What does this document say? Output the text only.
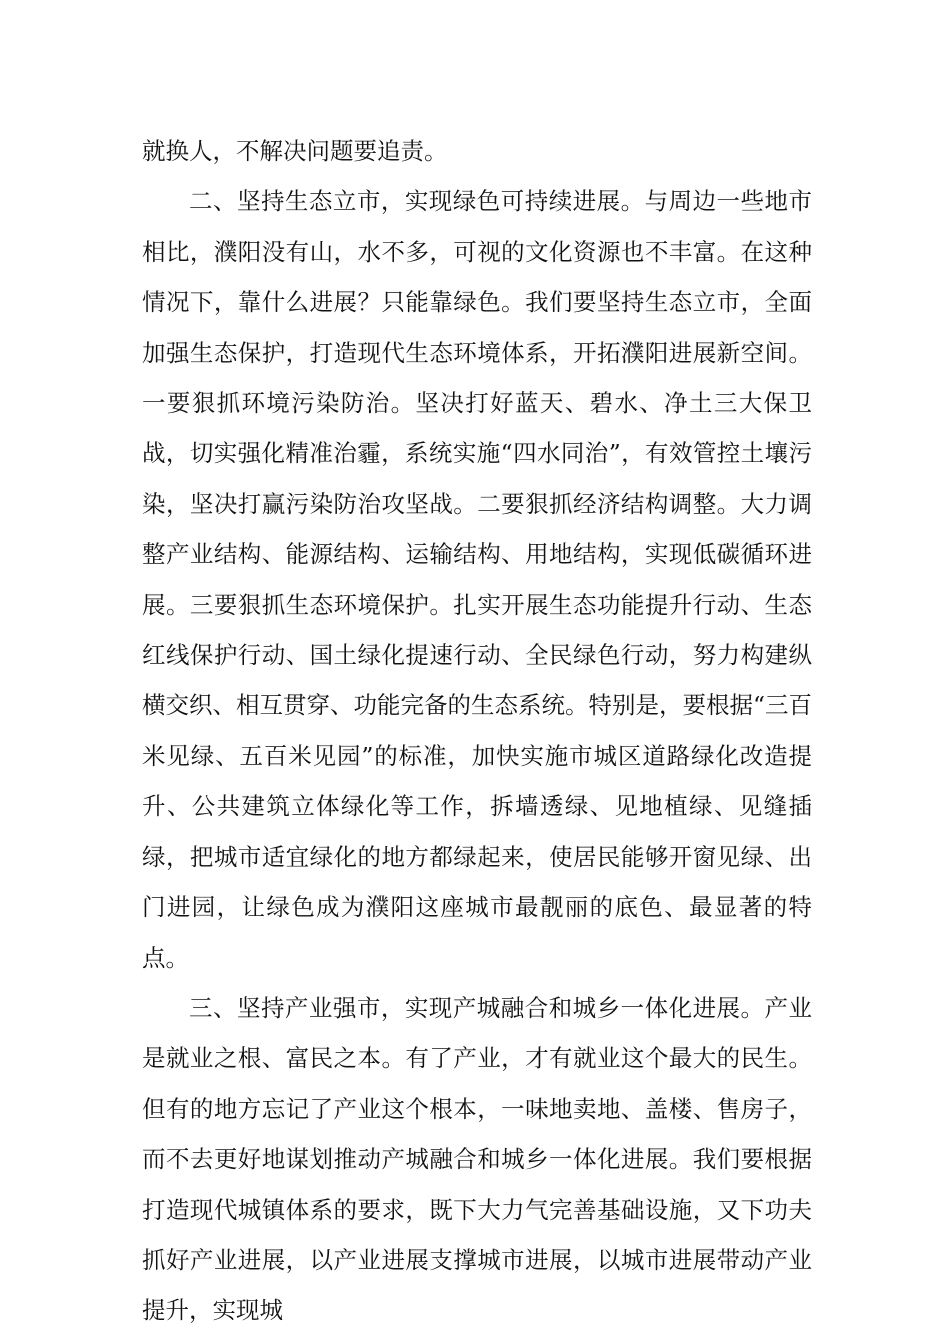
就换人，不解决问题要追责。

二、坚持生态立市，实现绿色可持续进展。与周边一些地市相比，濮阳没有山，水不多，可视的文化资源也不丰富。在这种情况下，靠什么进展？只能靠绿色。我们要坚持生态立市，全面加强生态保护，打造现代生态环境体系，开拓濮阳进展新空间。一要狠抓环境污染防治。坚决打好蓝天、碧水、净土三大保卫战，切实强化精准治霾，系统实施“四水同治”，有效管控土壤污染，坚决打赢污染防治攻坚战。二要狠抓经济结构调整。大力调整产业结构、能源结构、运输结构、用地结构，实现低碳循环进展。三要狠抓生态环境保护。扎实开展生态功能提升行动、生态红线保护行动、国土绿化提速行动、全民绿色行动，努力构建纵横交织、相互贯穿、功能完备的生态系统。特别是，要根据“三百米见绿、五百米见园”的标准，加快实施市城区道路绿化改造提升、公共建筑立体绿化等工作，拆墙透绿、见地植绿、见缝插绿，把城市适宜绿化的地方都绿起来，使居民能够开窗见绿、出门进园，让绿色成为濮阳这座城市最靓丽的底色、最显著的特点。

三、坚持产业强市，实现产城融合和城乡一体化进展。产业是就业之根、富民之本。有了产业，才有就业这个最大的民生。但有的地方忘记了产业这个根本，一味地卖地、盖楼、售房子，而不去更好地谋划推动产城融合和城乡一体化进展。我们要根据打造现代城镇体系的要求，既下大力气完善基础设施，又下功夫抓好产业进展，以产业进展支撑城市进展，以城市进展带动产业提升，实现城
